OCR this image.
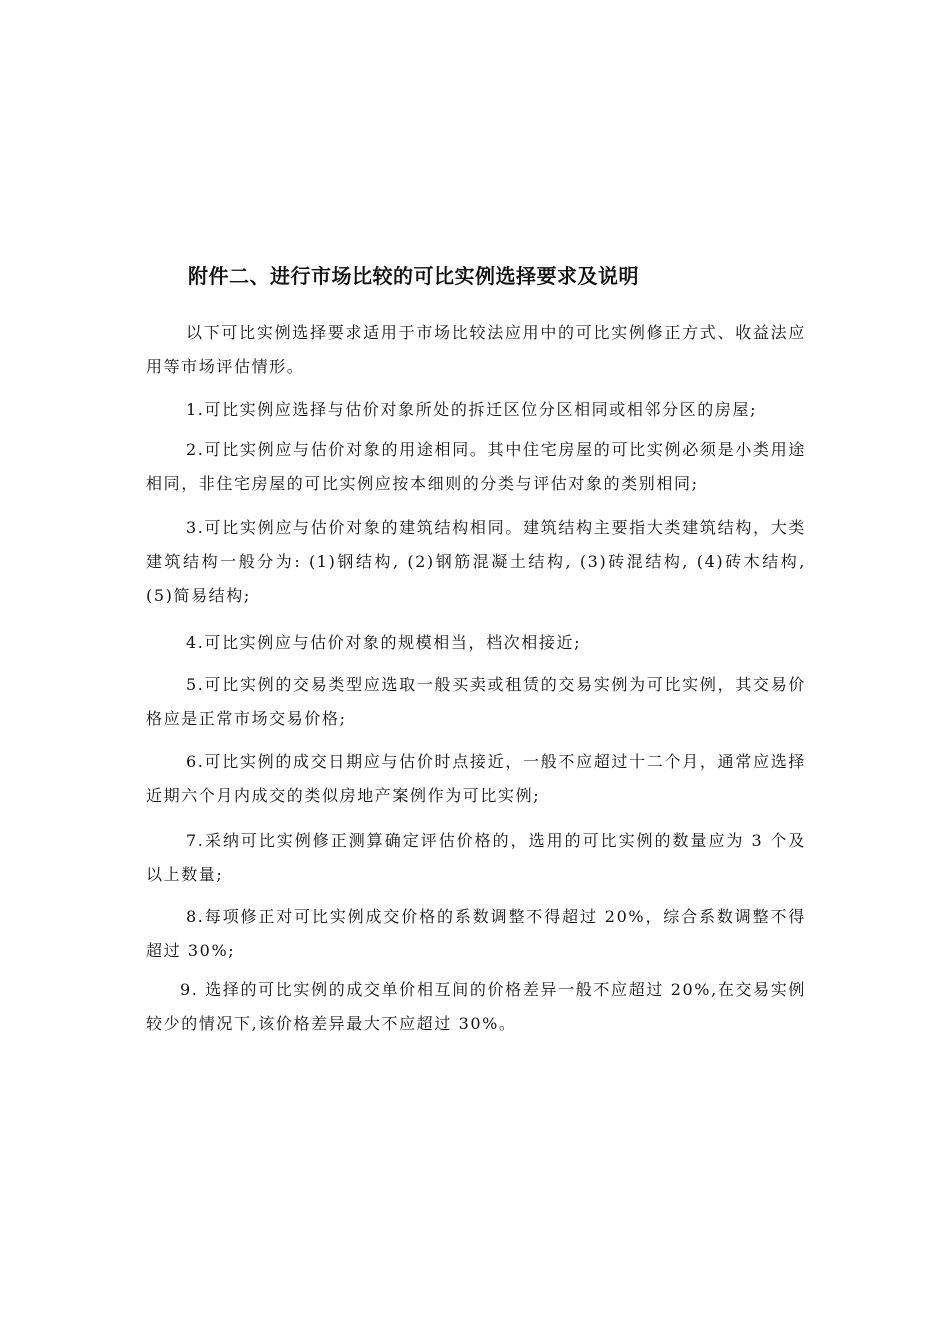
附件二、进行市场比较的可比实例选择要求及说明

以下可比实例选择要求适用于市场比较法应用中的可比实例修正方式、收益法应用等市场评估情形。

1.可比实例应选择与估价对象所处的拆迁区位分区相同或相邻分区的房屋;

2.可比实例应与估价对象的用途相同。其中住宅房屋的可比实例必须是小类用途相同，非住宅房屋的可比实例应按本细则的分类与评估对象的类别相同;

3.可比实例应与估价对象的建筑结构相同。建筑结构主要指大类建筑结构，大类建筑结构一般分为: (1)钢结构, (2)钢筋混凝土结构, (3)砖混结构, (4)砖木结构, (5)简易结构;

4.可比实例应与估价对象的规模相当，档次相接近;

5.可比实例的交易类型应选取一般买卖或租赁的交易实例为可比实例，其交易价格应是正常市场交易价格;

6.可比实例的成交日期应与估价时点接近，一般不应超过十二个月，通常应选择近期六个月内成交的类似房地产案例作为可比实例;

7.采纳可比实例修正测算确定评估价格的，选用的可比实例的数量应为 3 个及以上数量;

8.每项修正对可比实例成交价格的系数调整不得超过 20%，综合系数调整不得超过 30%;

9. 选择的可比实例的成交单价相互间的价格差异一般不应超过 20%,在交易实例较少的情况下,该价格差异最大不应超过 30%。
